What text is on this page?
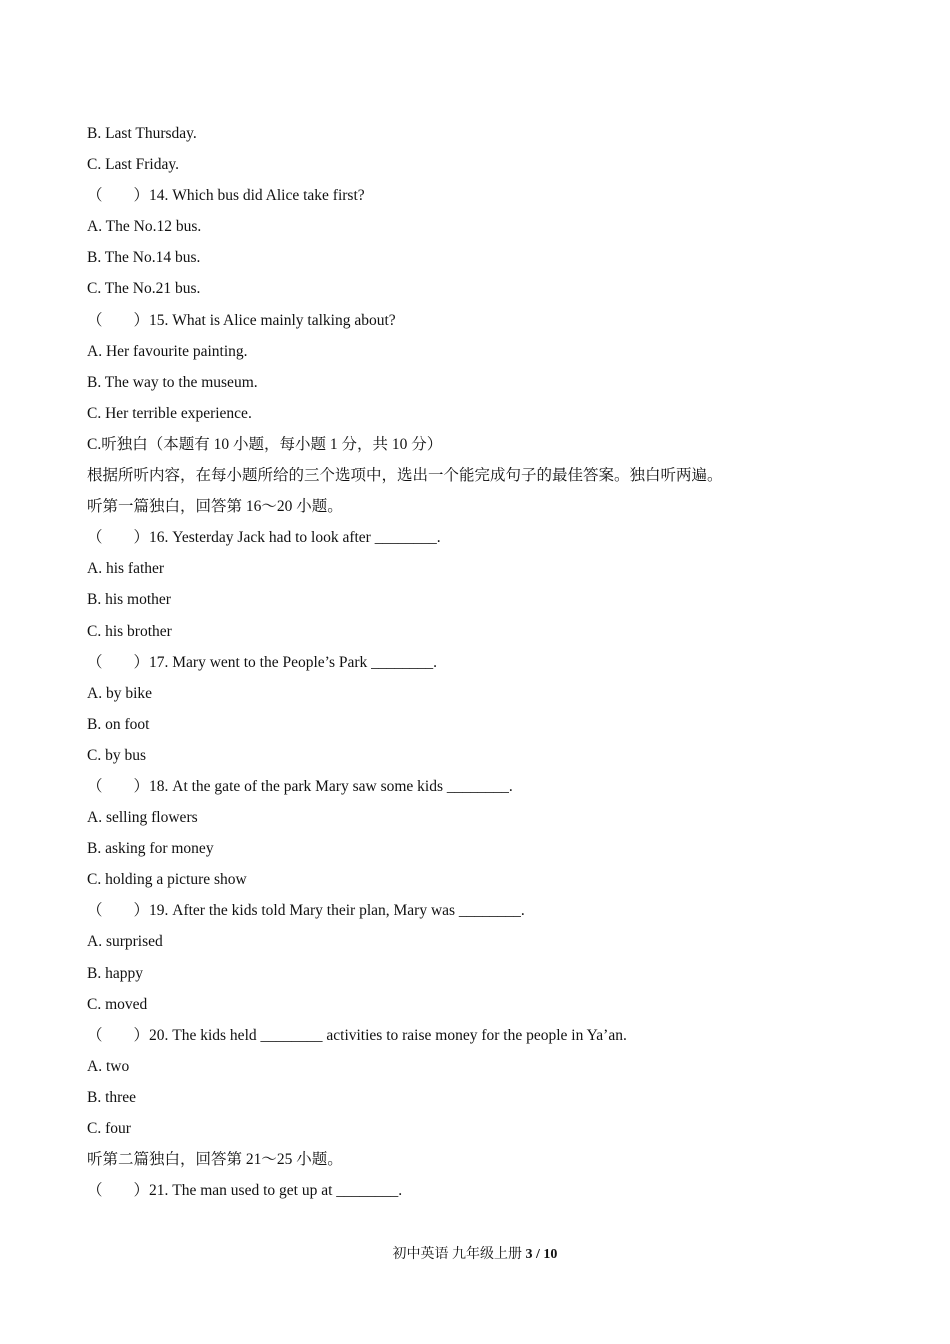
B. Last Thursday.
C. Last Friday.
（　　）14. Which bus did Alice take first?
A. The No.12 bus.
B. The No.14 bus.
C. The No.21 bus.
（　　）15. What is Alice mainly talking about?
A. Her favourite painting.
B. The way to the museum.
C. Her terrible experience.
C.听独白（本题有 10 小题，每小题 1 分，共 10 分）
根据所听内容，在每小题所给的三个选项中，选出一个能完成句子的最佳答案。独白听两遍。
听第一篇独白，回答第 16～20 小题。
（　　）16. Yesterday Jack had to look after ________.
A. his father
B. his mother
C. his brother
（　　）17. Mary went to the People’s Park ________.
A. by bike
B. on foot
C. by bus
（　　）18. At the gate of the park Mary saw some kids ________.
A. selling flowers
B. asking for money
C. holding a picture show
（　　）19. After the kids told Mary their plan, Mary was ________.
A. surprised
B. happy
C. moved
（　　）20. The kids held ________ activities to raise money for the people in Ya’an.
A. two
B. three
C. four
听第二篇独白，回答第 21～25 小题。
（　　）21. The man used to get up at ________.
初中英语 九年级上册 3 / 10
